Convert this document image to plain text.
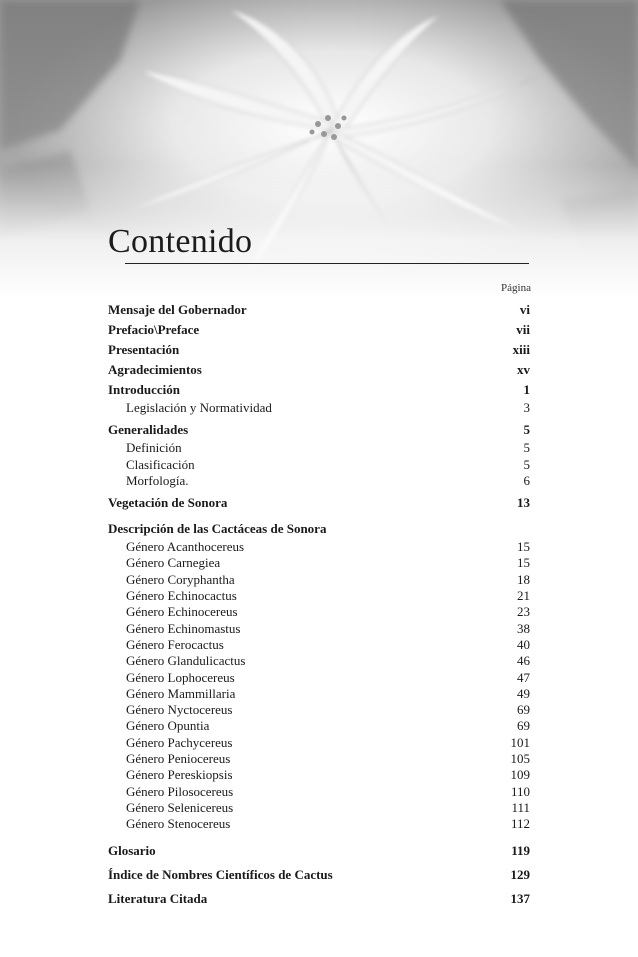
Contenido
Página
Mensaje del Gobernador	vi
Prefacio\Preface	vii
Presentación	xiii
Agradecimientos	xv
Introducción	1
Legislación y Normatividad	3
Generalidades	5
Definición	5
Clasificación	5
Morfología.	6
Vegetación de Sonora	13
Descripción de las Cactáceas de Sonora
Género Acanthocereus	15
Género Carnegiea	15
Género Coryphantha	18
Género Echinocactus	21
Género Echinocereus	23
Género Echinomastus	38
Género Ferocactus	40
Género Glandulicactus	46
Género Lophocereus	47
Género Mammillaria	49
Género Nyctocereus	69
Género Opuntia	69
Género Pachycereus	101
Género Peniocereus	105
Género Pereskiopsis	109
Género Pilosocereus	110
Género Selenicereus	111
Género Stenocereus	112
Glosario	119
Índice de Nombres Científicos de Cactus	129
Literatura Citada	137
